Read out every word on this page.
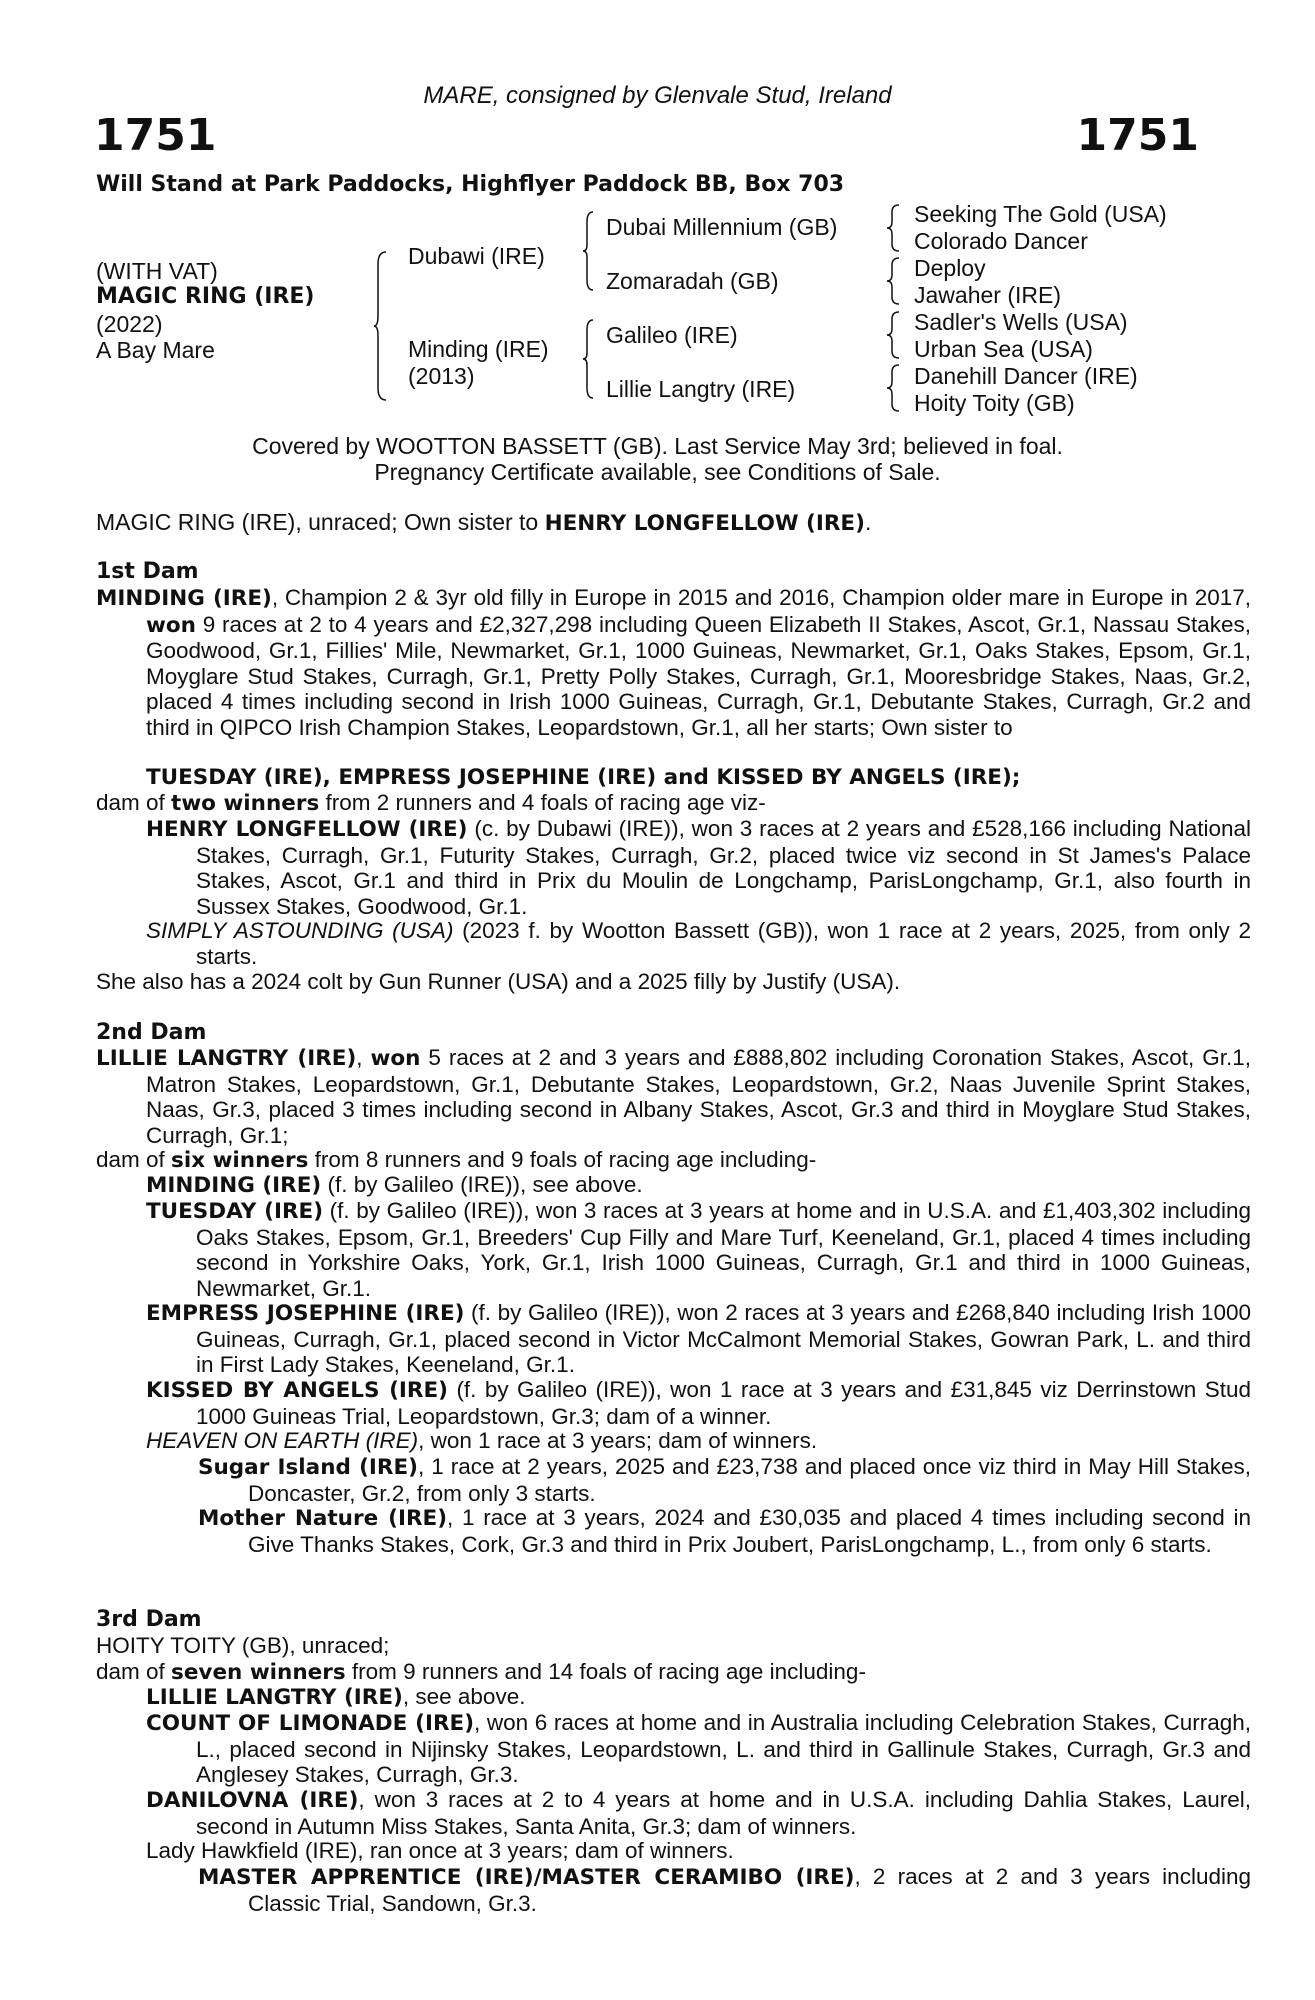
MARE, consigned by Glenvale Stud, Ireland
1751	1751
Will Stand at Park Paddocks, Highflyer Paddock BB, Box 703
(WITH VAT)
MAGIC RING (IRE)
(2022)
A Bay Mare
Dubawi (IRE)
Minding (IRE)
(2013)
Dubai Millennium (GB)
Zomaradah (GB)
Galileo (IRE)
Lillie Langtry (IRE)
Seeking The Gold (USA)
Colorado Dancer
Deploy
Jawaher (IRE)
Sadler's Wells (USA)
Urban Sea (USA)
Danehill Dancer (IRE)
Hoity Toity (GB)
Covered by WOOTTON BASSETT (GB). Last Service May 3rd; believed in foal.
Pregnancy Certificate available, see Conditions of Sale.
MAGIC RING (IRE), unraced; Own sister to HENRY LONGFELLOW (IRE).
1st Dam
MINDING (IRE), Champion 2 & 3yr old filly in Europe in 2015 and 2016, Champion older mare in Europe in 2017, won 9 races at 2 to 4 years and £2,327,298 including Queen Elizabeth II Stakes, Ascot, Gr.1, Nassau Stakes, Goodwood, Gr.1, Fillies' Mile, Newmarket, Gr.1, 1000 Guineas, Newmarket, Gr.1, Oaks Stakes, Epsom, Gr.1, Moyglare Stud Stakes, Curragh, Gr.1, Pretty Polly Stakes, Curragh, Gr.1, Mooresbridge Stakes, Naas, Gr.2, placed 4 times including second in Irish 1000 Guineas, Curragh, Gr.1, Debutante Stakes, Curragh, Gr.2 and third in QIPCO Irish Champion Stakes, Leopardstown, Gr.1, all her starts; Own sister to
TUESDAY (IRE), EMPRESS JOSEPHINE (IRE) and KISSED BY ANGELS (IRE);
dam of two winners from 2 runners and 4 foals of racing age viz-
HENRY LONGFELLOW (IRE) (c. by Dubawi (IRE)), won 3 races at 2 years and £528,166 including National Stakes, Curragh, Gr.1, Futurity Stakes, Curragh, Gr.2, placed twice viz second in St James's Palace Stakes, Ascot, Gr.1 and third in Prix du Moulin de Longchamp, ParisLongchamp, Gr.1, also fourth in Sussex Stakes, Goodwood, Gr.1.
SIMPLY ASTOUNDING (USA) (2023 f. by Wootton Bassett (GB)), won 1 race at 2 years, 2025, from only 2 starts.
She also has a 2024 colt by Gun Runner (USA) and a 2025 filly by Justify (USA).
2nd Dam
LILLIE LANGTRY (IRE), won 5 races at 2 and 3 years and £888,802 including Coronation Stakes, Ascot, Gr.1, Matron Stakes, Leopardstown, Gr.1, Debutante Stakes, Leopardstown, Gr.2, Naas Juvenile Sprint Stakes, Naas, Gr.3, placed 3 times including second in Albany Stakes, Ascot, Gr.3 and third in Moyglare Stud Stakes, Curragh, Gr.1;
dam of six winners from 8 runners and 9 foals of racing age including-
MINDING (IRE) (f. by Galileo (IRE)), see above.
TUESDAY (IRE) (f. by Galileo (IRE)), won 3 races at 3 years at home and in U.S.A. and £1,403,302 including Oaks Stakes, Epsom, Gr.1, Breeders' Cup Filly and Mare Turf, Keeneland, Gr.1, placed 4 times including second in Yorkshire Oaks, York, Gr.1, Irish 1000 Guineas, Curragh, Gr.1 and third in 1000 Guineas, Newmarket, Gr.1.
EMPRESS JOSEPHINE (IRE) (f. by Galileo (IRE)), won 2 races at 3 years and £268,840 including Irish 1000 Guineas, Curragh, Gr.1, placed second in Victor McCalmont Memorial Stakes, Gowran Park, L. and third in First Lady Stakes, Keeneland, Gr.1.
KISSED BY ANGELS (IRE) (f. by Galileo (IRE)), won 1 race at 3 years and £31,845 viz Derrinstown Stud 1000 Guineas Trial, Leopardstown, Gr.3; dam of a winner.
HEAVEN ON EARTH (IRE), won 1 race at 3 years; dam of winners.
Sugar Island (IRE), 1 race at 2 years, 2025 and £23,738 and placed once viz third in May Hill Stakes, Doncaster, Gr.2, from only 3 starts.
Mother Nature (IRE), 1 race at 3 years, 2024 and £30,035 and placed 4 times including second in Give Thanks Stakes, Cork, Gr.3 and third in Prix Joubert, ParisLongchamp, L., from only 6 starts.
3rd Dam
HOITY TOITY (GB), unraced;
dam of seven winners from 9 runners and 14 foals of racing age including-
LILLIE LANGTRY (IRE), see above.
COUNT OF LIMONADE (IRE), won 6 races at home and in Australia including Celebration Stakes, Curragh, L., placed second in Nijinsky Stakes, Leopardstown, L. and third in Gallinule Stakes, Curragh, Gr.3 and Anglesey Stakes, Curragh, Gr.3.
DANILOVNA (IRE), won 3 races at 2 to 4 years at home and in U.S.A. including Dahlia Stakes, Laurel, second in Autumn Miss Stakes, Santa Anita, Gr.3; dam of winners.
Lady Hawkfield (IRE), ran once at 3 years; dam of winners.
MASTER APPRENTICE (IRE)/MASTER CERAMIBO (IRE), 2 races at 2 and 3 years including Classic Trial, Sandown, Gr.3.
